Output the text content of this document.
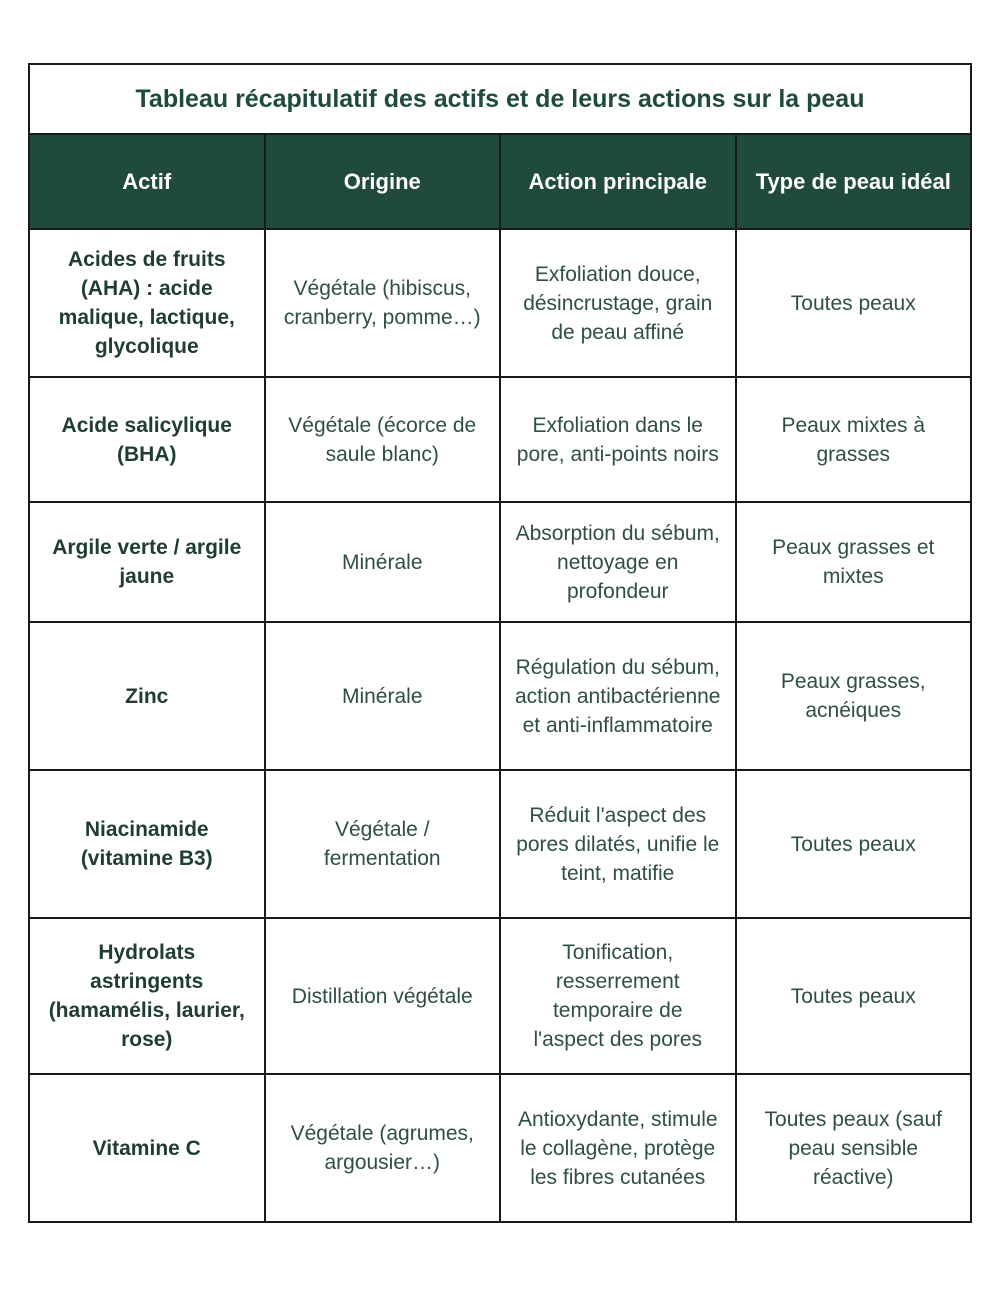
Tableau récapitulatif des actifs et de leurs actions sur la peau			
Actif	Origine	Action principale	Type de peau idéal
Acides de fruits (AHA) : acide malique, lactique, glycolique	Végétale (hibiscus, cranberry, pomme…)	Exfoliation douce, désincrustage, grain de peau affiné	Toutes peaux
Acide salicylique (BHA)	Végétale (écorce de saule blanc)	Exfoliation dans le pore, anti-points noirs	Peaux mixtes à grasses
Argile verte / argile jaune	Minérale	Absorption du sébum, nettoyage en profondeur	Peaux grasses et mixtes
Zinc	Minérale	Régulation du sébum, action antibactérienne et anti-inflammatoire	Peaux grasses, acnéiques
Niacinamide (vitamine B3)	Végétale / fermentation	Réduit l'aspect des pores dilatés, unifie le teint, matifie	Toutes peaux
Hydrolats astringents (hamamélis, laurier, rose)	Distillation végétale	Tonification, resserrement temporaire de l'aspect des pores	Toutes peaux
Vitamine C	Végétale (agrumes, argousier…)	Antioxydante, stimule le collagène, protège les fibres cutanées	Toutes peaux (sauf peau sensible réactive)
